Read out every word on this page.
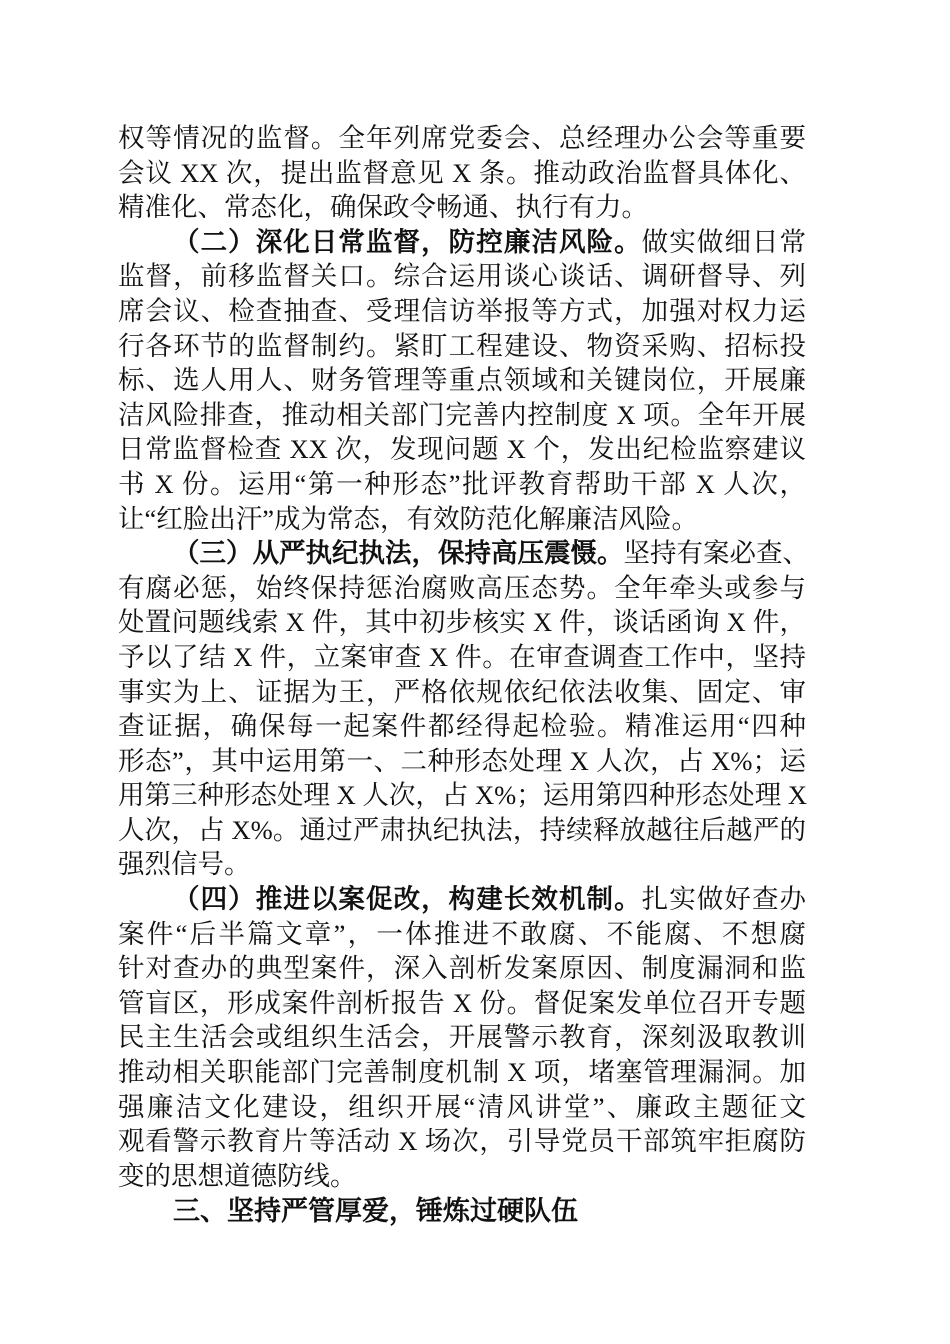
权等情况的监督。全年列席党委会、总经理办公会等重要
会议 XX 次，提出监督意见 X 条。推动政治监督具体化、
精准化、常态化，确保政令畅通、执行有力。
（二）深化日常监督，防控廉洁风险。做实做细日常
监督，前移监督关口。综合运用谈心谈话、调研督导、列
席会议、检查抽查、受理信访举报等方式，加强对权力运
行各环节的监督制约。紧盯工程建设、物资采购、招标投
标、选人用人、财务管理等重点领域和关键岗位，开展廉
洁风险排查，推动相关部门完善内控制度 X 项。全年开展
日常监督检查 XX 次，发现问题 X 个，发出纪检监察建议
书 X 份。运用“第一种形态”批评教育帮助干部 X 人次，
让“红脸出汗”成为常态，有效防范化解廉洁风险。
（三）从严执纪执法，保持高压震慑。坚持有案必查、
有腐必惩，始终保持惩治腐败高压态势。全年牵头或参与
处置问题线索 X 件，其中初步核实 X 件，谈话函询 X 件，
予以了结 X 件，立案审查 X 件。在审查调查工作中，坚持
事实为上、证据为王，严格依规依纪依法收集、固定、审
查证据，确保每一起案件都经得起检验。精准运用“四种
形态”，其中运用第一、二种形态处理 X 人次，占 X%；运
用第三种形态处理 X 人次，占 X%；运用第四种形态处理 X
人次，占 X%。通过严肃执纪执法，持续释放越往后越严的
强烈信号。
（四）推进以案促改，构建长效机制。扎实做好查办
案件“后半篇文章”，一体推进不敢腐、不能腐、不想腐
针对查办的典型案件，深入剖析发案原因、制度漏洞和监
管盲区，形成案件剖析报告 X 份。督促案发单位召开专题
民主生活会或组织生活会，开展警示教育，深刻汲取教训
推动相关职能部门完善制度机制 X 项，堵塞管理漏洞。加
强廉洁文化建设，组织开展“清风讲堂”、廉政主题征文
观看警示教育片等活动 X 场次，引导党员干部筑牢拒腐防
变的思想道德防线。
三、坚持严管厚爱，锤炼过硬队伍
